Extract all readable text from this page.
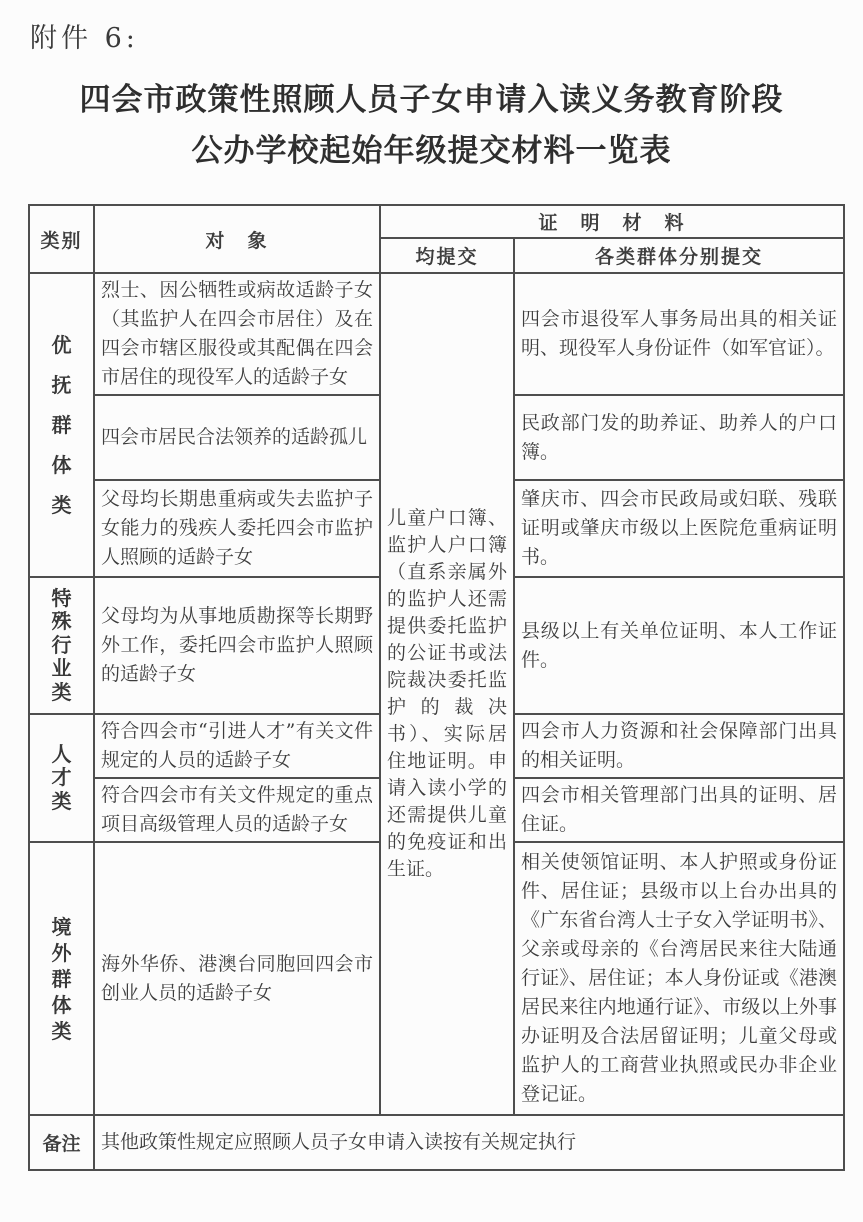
附件 6:
四会市政策性照顾人员子女申请入读义务教育阶段
公办学校起始年级提交材料一览表
类别	对　象	证　明　材　料	
		均提交	各类群体分别提交
优抚群体类	烈士、因公牺牲或病故适龄子女（其监护人在四会市居住）及在四会市辖区服役或其配偶在四会市居住的现役军人的适龄子女	儿童户口簿、监护人户口簿（直系亲属外的监护人还需提供委托监护的公证书或法院裁决委托监护的裁决书）、实际居住地证明。申请入读小学的还需提供儿童的免疫证和出生证。	四会市退役军人事务局出具的相关证明、现役军人身份证件（如军官证）。
	四会市居民合法领养的适龄孤儿		民政部门发的助养证、助养人的户口簿。
	父母均长期患重病或失去监护子女能力的残疾人委托四会市监护人照顾的适龄子女		肇庆市、四会市民政局或妇联、残联证明或肇庆市级以上医院危重病证明书。
特殊行业类	父母均为从事地质勘探等长期野外工作，委托四会市监护人照顾的适龄子女		县级以上有关单位证明、本人工作证件。
人才类	符合四会市“引进人才”有关文件规定的人员的适龄子女		四会市人力资源和社会保障部门出具的相关证明。
	符合四会市有关文件规定的重点项目高级管理人员的适龄子女		四会市相关管理部门出具的证明、居住证。
境外群体类	海外华侨、港澳台同胞回四会市创业人员的适龄子女		相关使领馆证明、本人护照或身份证件、居住证；县级市以上台办出具的《广东省台湾人士子女入学证明书》、父亲或母亲的《台湾居民来往大陆通行证》、居住证；本人身份证或《港澳居民来往内地通行证》、市级以上外事办证明及合法居留证明；儿童父母或监护人的工商营业执照或民办非企业登记证。
备注	其他政策性规定应照顾人员子女申请入读按有关规定执行		
